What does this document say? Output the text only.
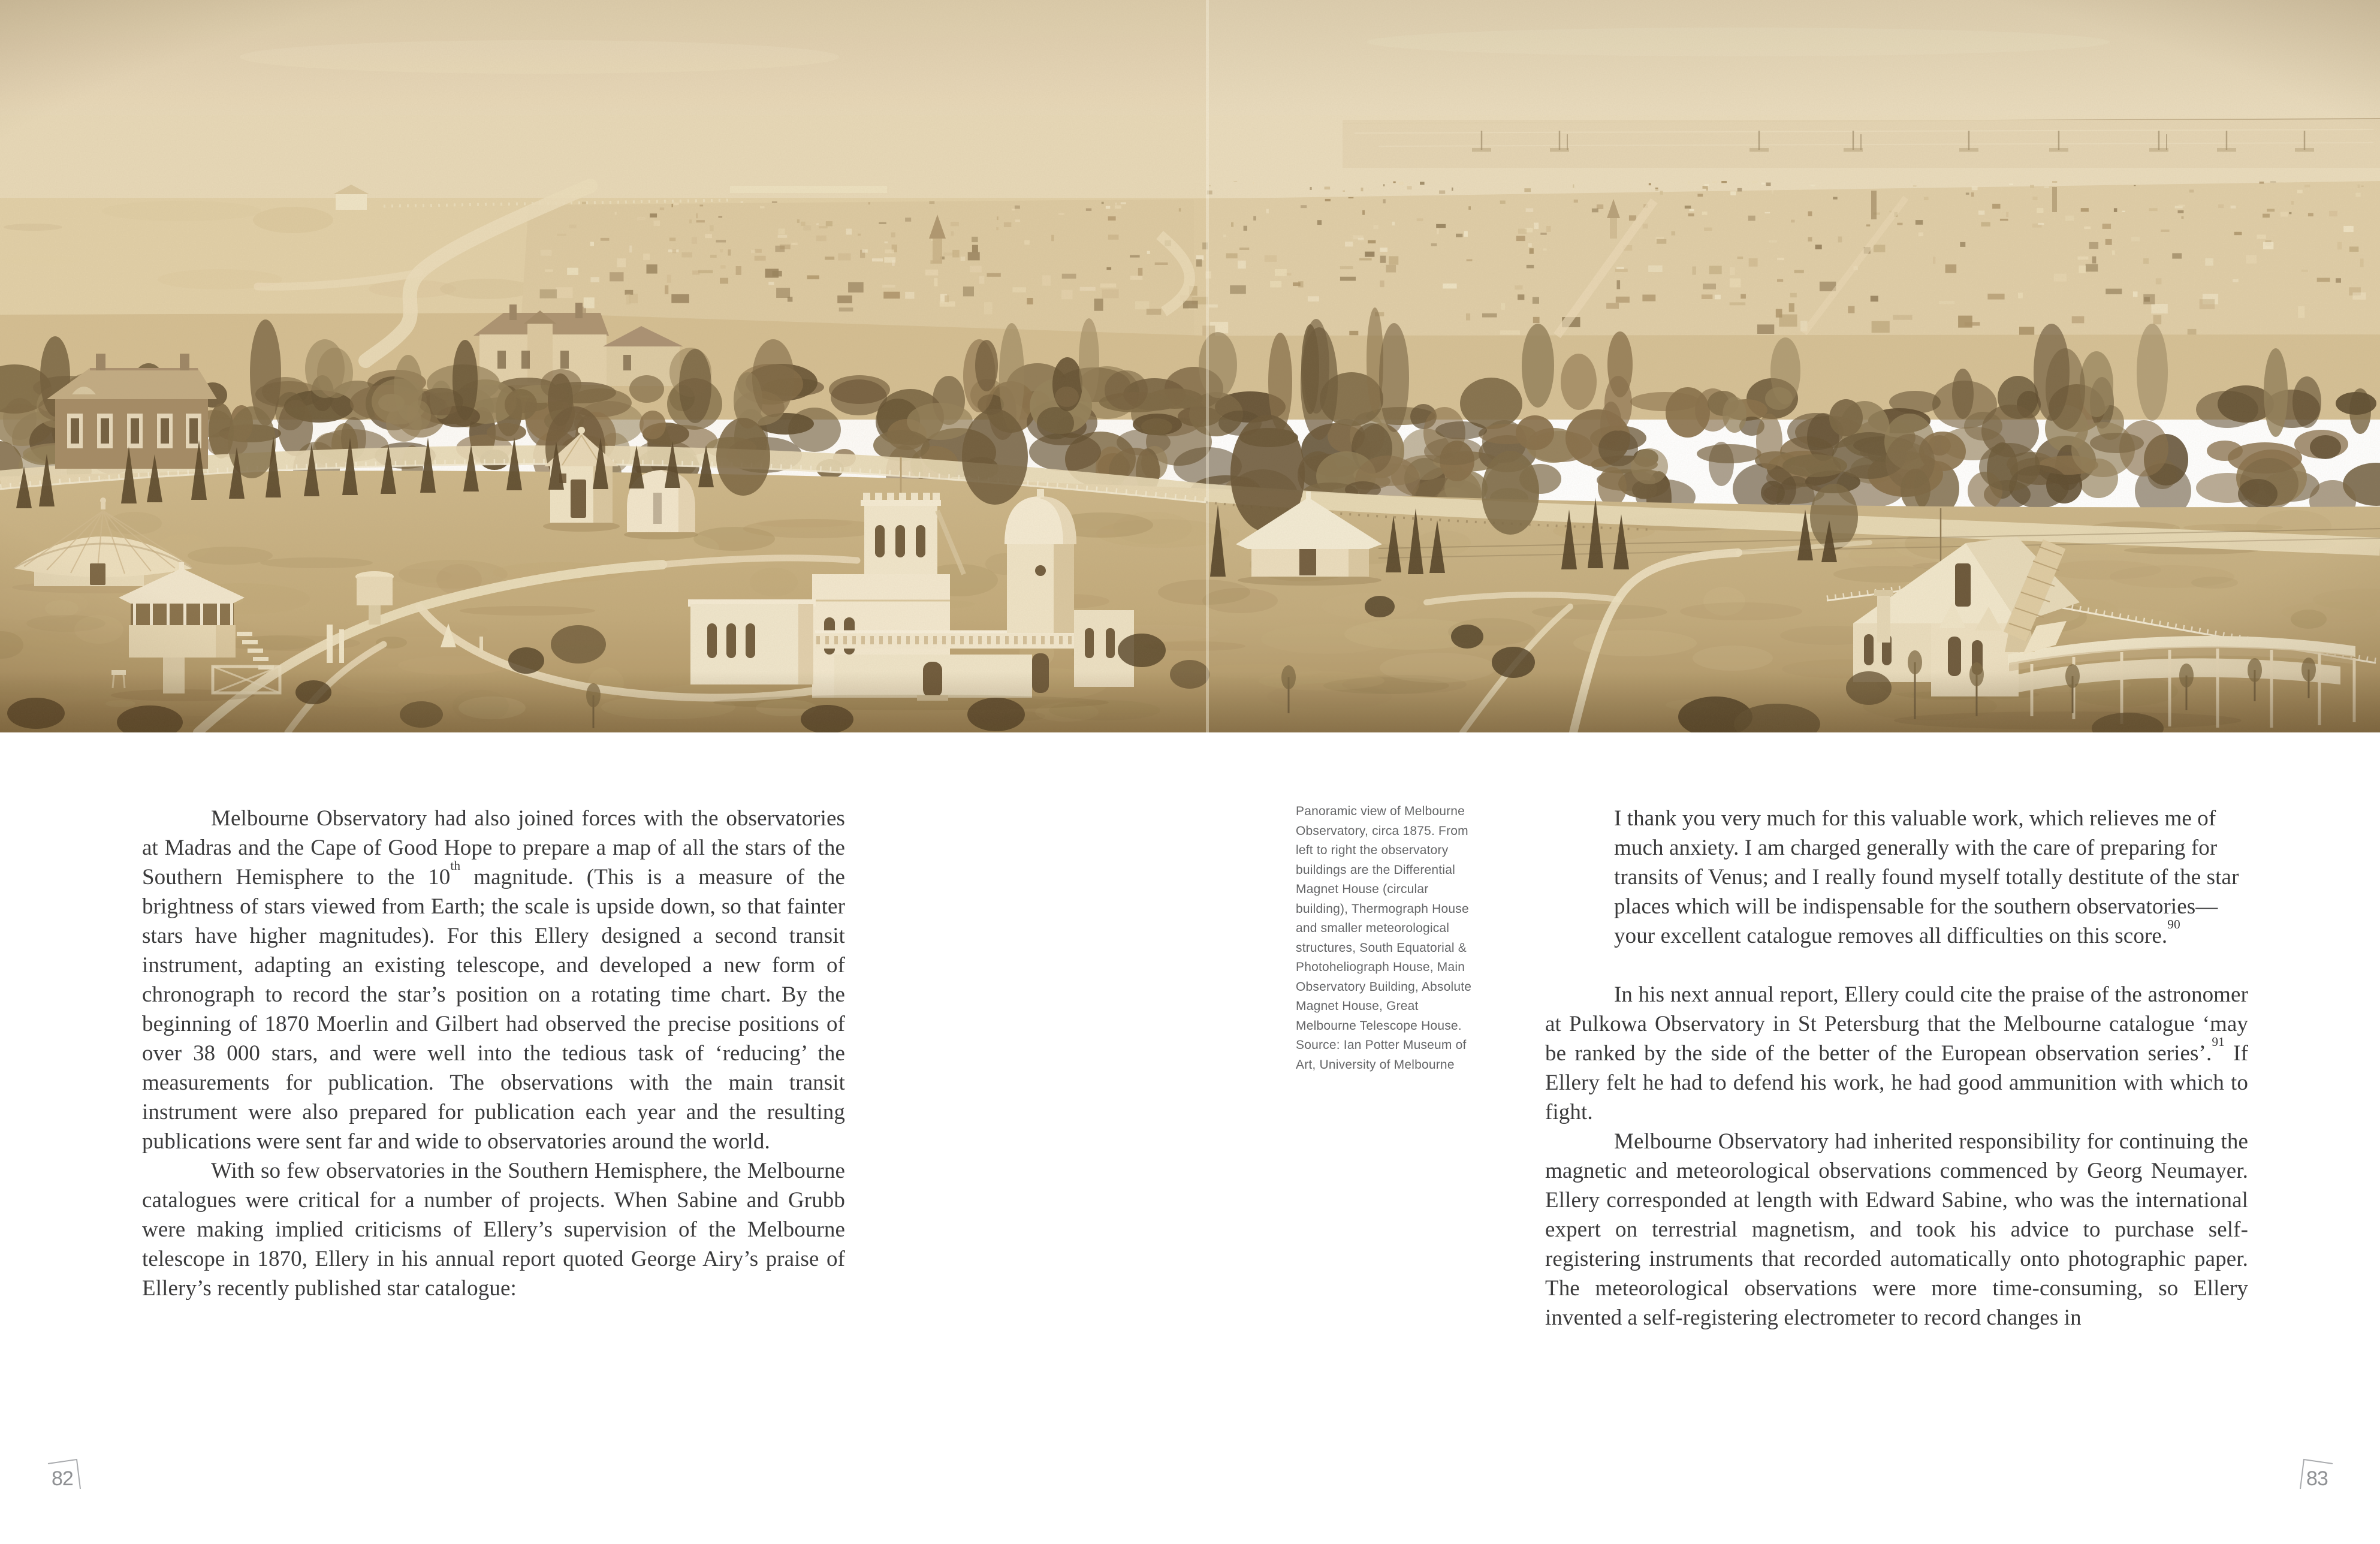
Melbourne Observatory had also joined forces with the observatories at Madras and the Cape of Good Hope to prepare a map of all the stars of the Southern Hemisphere to the 10th magnitude. (This is a measure of the brightness of stars viewed from Earth; the scale is upside down, so that fainter stars have higher magnitudes). For this Ellery designed a second transit instrument, adapting an existing telescope, and developed a new form of chronograph to record the star’s position on a rotating time chart. By the beginning of 1870 Moerlin and Gilbert had observed the precise positions of over 38 000 stars, and were well into the tedious task of ‘reducing’ the measurements for publication. The observations with the main transit instrument were also prepared for publication each year and the resulting publications were sent far and wide to observatories around the world.

With so few observatories in the Southern Hemisphere, the Melbourne catalogues were critical for a number of projects. When Sabine and Grubb were making implied criticisms of Ellery’s supervision of the Melbourne telescope in 1870, Ellery in his annual report quoted George Airy’s praise of Ellery’s recently published star catalogue:

Panoramic view of Melbourne Observatory, circa 1875. From left to right the observatory buildings are the Differential Magnet House (circular building), Thermograph House and smaller meteorological structures, South Equatorial & Photoheliograph House, Main Observatory Building, Absolute Magnet House, Great Melbourne Telescope House.
Source: Ian Potter Museum of Art, University of Melbourne

I thank you very much for this valuable work, which relieves me of much anxiety. I am charged generally with the care of preparing for transits of Venus; and I really found myself totally destitute of the star places which will be indispensable for the southern observatories—your excellent catalogue removes all difficulties on this score.$^{90}$

In his next annual report, Ellery could cite the praise of the astronomer at Pulkowa Observatory in St Petersburg that the Melbourne catalogue ‘may be ranked by the side of the better of the European observation series’.$^{91}$ If Ellery felt he had to defend his work, he had good ammunition with which to fight.

Melbourne Observatory had inherited responsibility for continuing the magnetic and meteorological observations commenced by Georg Neumayer. Ellery corresponded at length with Edward Sabine, who was the international expert on terrestrial magnetism, and took his advice to purchase self-registering instruments that recorded automatically onto photographic paper. The meteorological observations were more time-consuming, so Ellery invented a self-registering electrometer to record changes in

82	83
